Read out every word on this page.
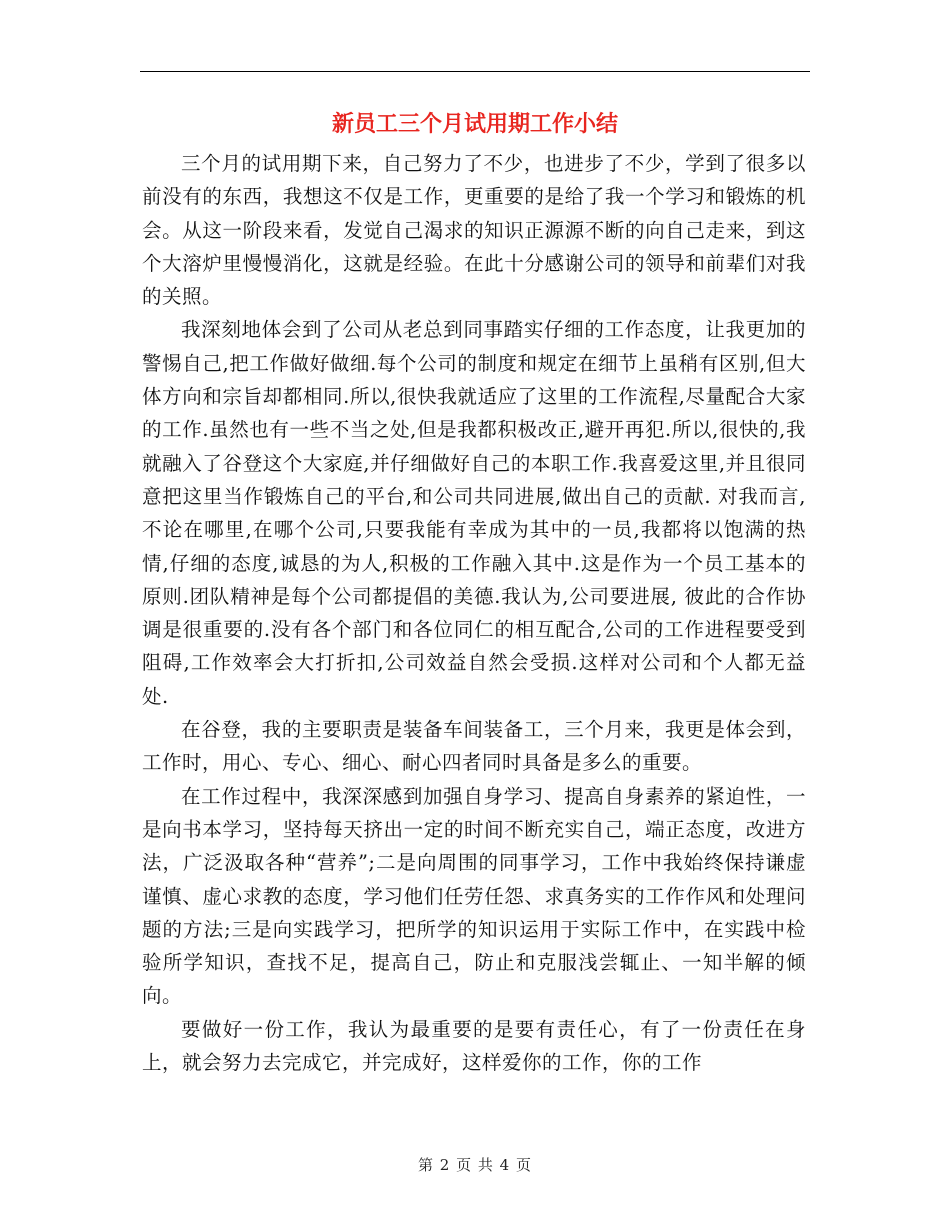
新员工三个月试用期工作小结

三个月的试用期下来，自己努力了不少，也进步了不少，学到了很多以前没有的东西，我想这不仅是工作，更重要的是给了我一个学习和锻炼的机会。从这一阶段来看，发觉自己渴求的知识正源源不断的向自己走来，到这个大溶炉里慢慢消化，这就是经验。在此十分感谢公司的领导和前辈们对我的关照。

我深刻地体会到了公司从老总到同事踏实仔细的工作态度，让我更加的警惕自己,把工作做好做细.每个公司的制度和规定在细节上虽稍有区别,但大体方向和宗旨却都相同.所以,很快我就适应了这里的工作流程,尽量配合大家的工作.虽然也有一些不当之处,但是我都积极改正,避开再犯.所以,很快的,我就融入了谷登这个大家庭,并仔细做好自己的本职工作.我喜爱这里,并且很同意把这里当作锻炼自己的平台,和公司共同进展,做出自己的贡献. 对我而言,不论在哪里,在哪个公司,只要我能有幸成为其中的一员,我都将以饱满的热情,仔细的态度,诚恳的为人,积极的工作融入其中.这是作为一个员工基本的原则.团队精神是每个公司都提倡的美德.我认为,公司要进展, 彼此的合作协调是很重要的.没有各个部门和各位同仁的相互配合,公司的工作进程要受到阻碍,工作效率会大打折扣,公司效益自然会受损.这样对公司和个人都无益处.

在谷登，我的主要职责是装备车间装备工，三个月来，我更是体会到，工作时，用心、专心、细心、耐心四者同时具备是多么的重要。

在工作过程中，我深深感到加强自身学习、提高自身素养的紧迫性，一是向书本学习，坚持每天挤出一定的时间不断充实自己，端正态度，改进方法，广泛汲取各种“营养”;二是向周围的同事学习，工作中我始终保持谦虚谨慎、虚心求教的态度，学习他们任劳任怨、求真务实的工作作风和处理问题的方法;三是向实践学习，把所学的知识运用于实际工作中，在实践中检验所学知识，查找不足，提高自己，防止和克服浅尝辄止、一知半解的倾向。

要做好一份工作，我认为最重要的是要有责任心，有了一份责任在身上，就会努力去完成它，并完成好，这样爱你的工作，你的工作

第 2 页 共 4 页
